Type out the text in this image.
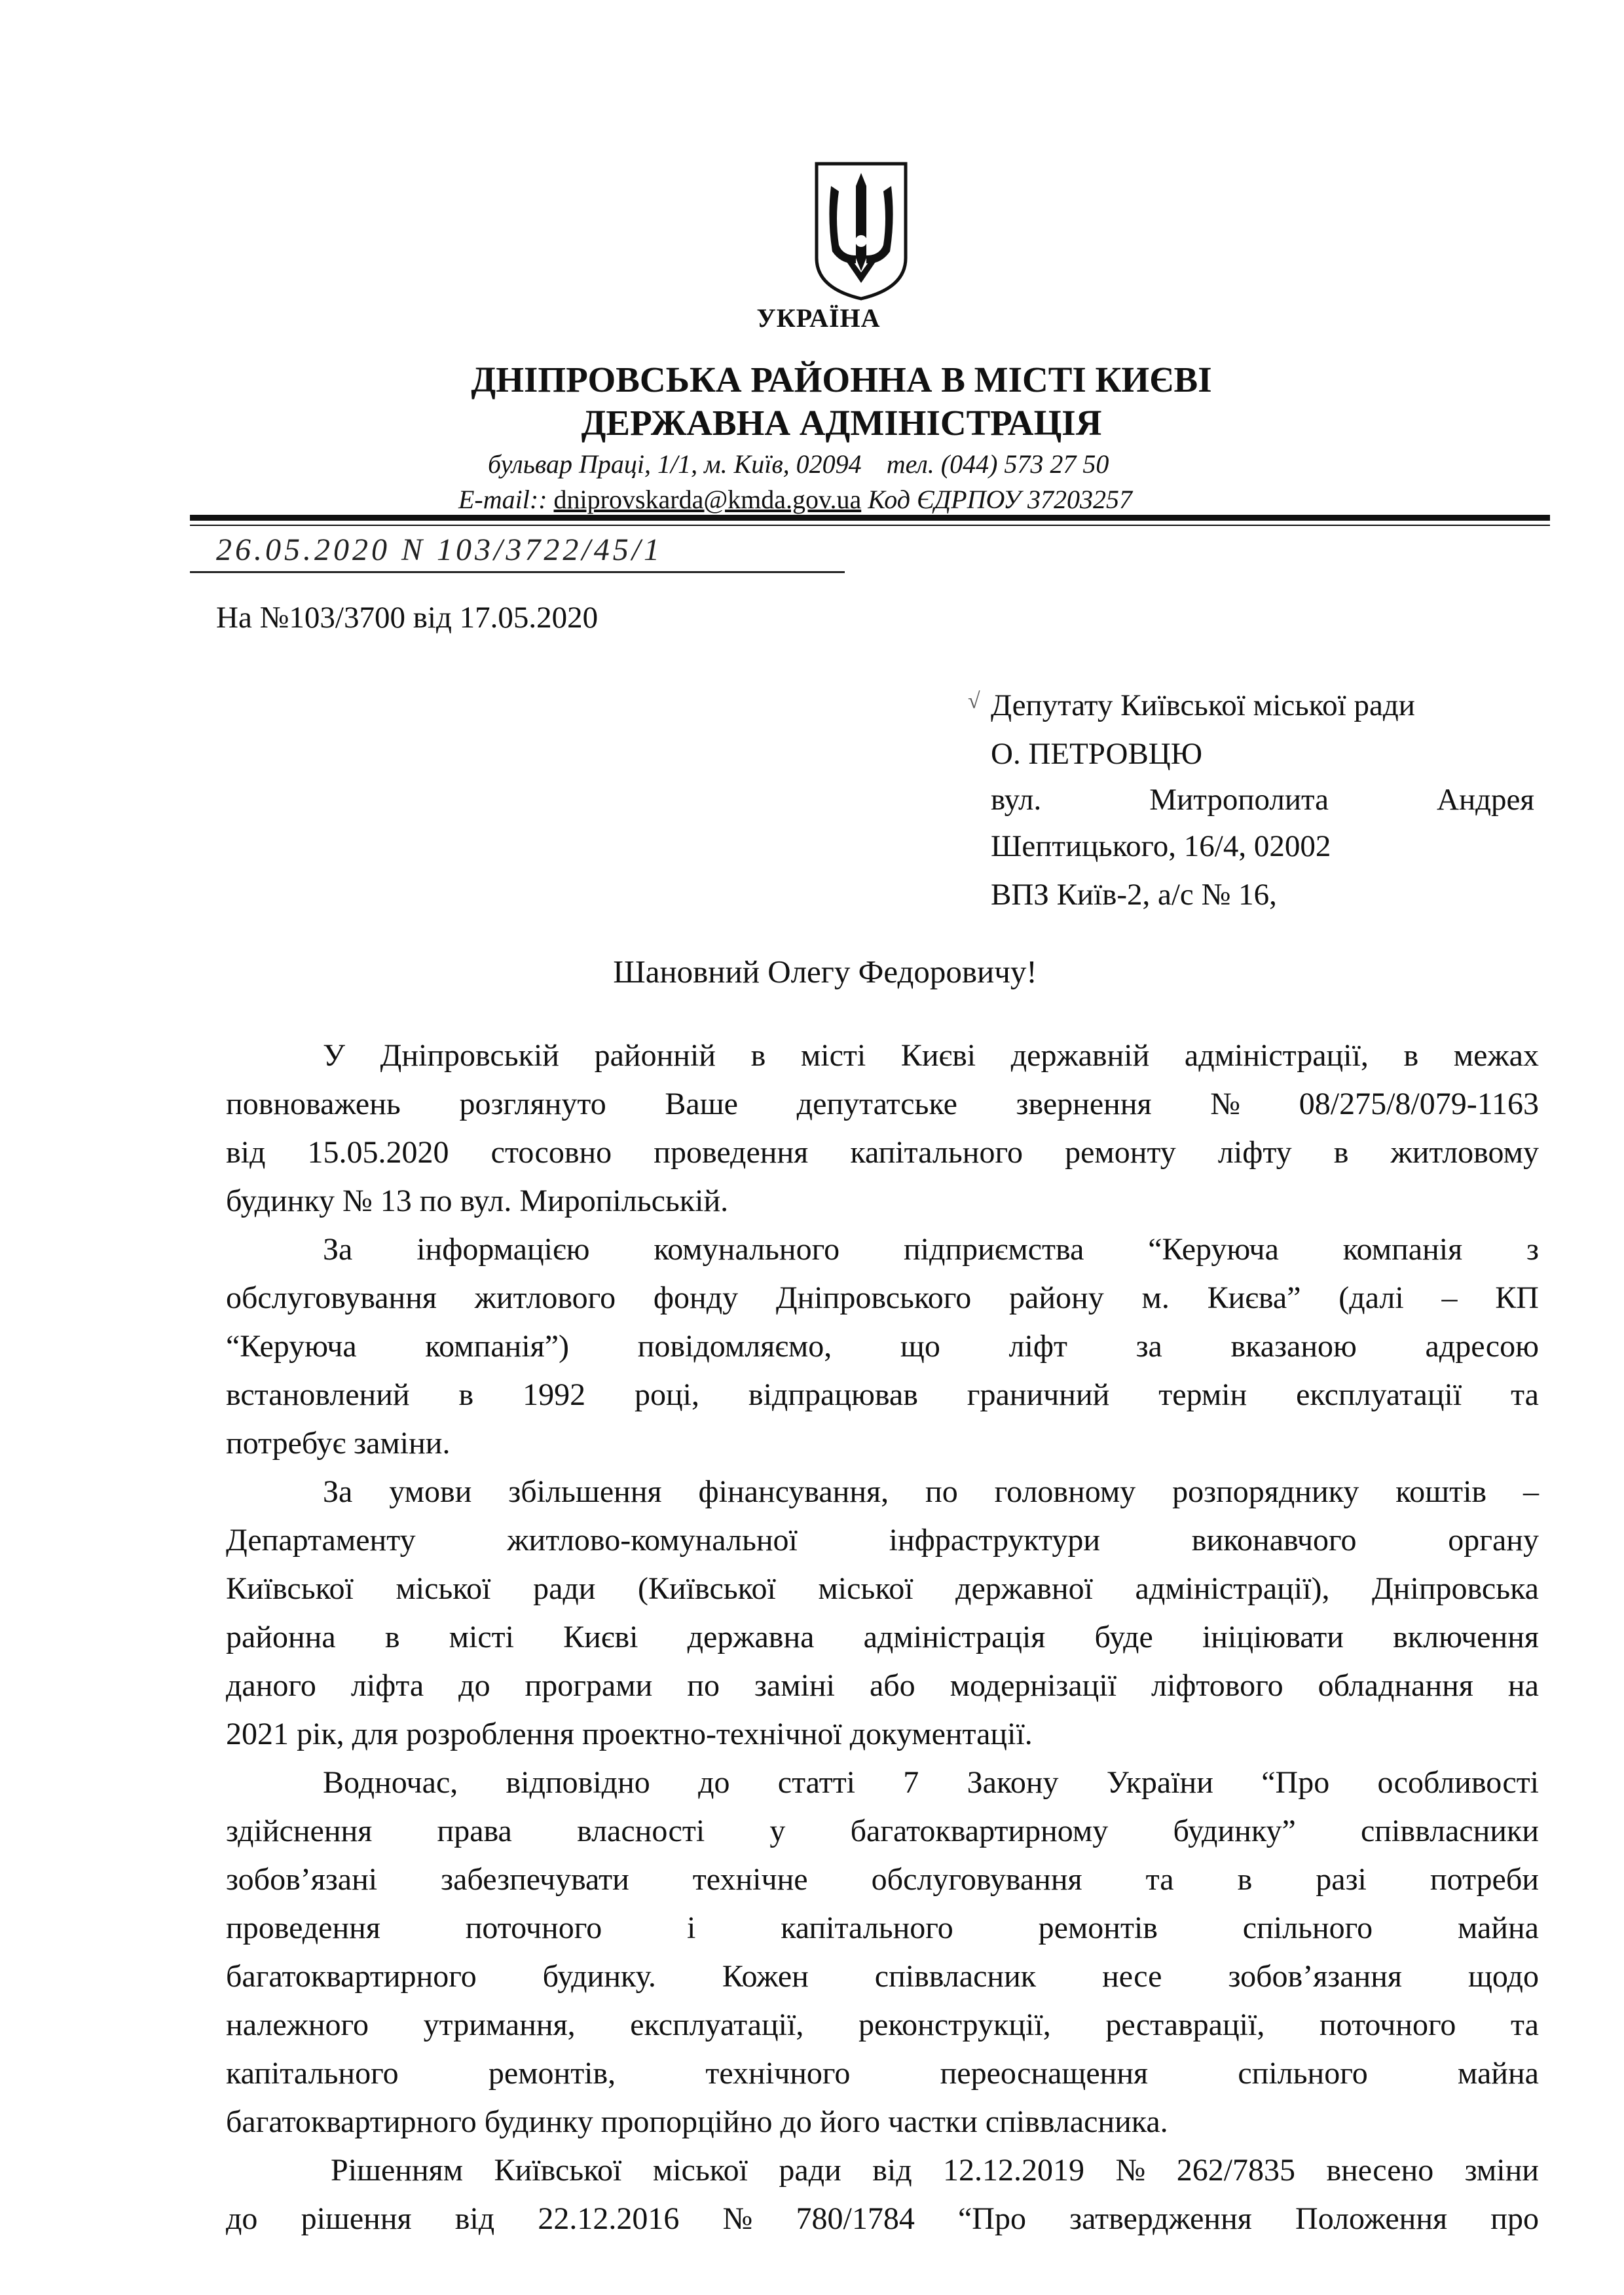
УКРАЇНА
ДНІПРОВСЬКА РАЙОННА В МІСТІ КИЄВІ
ДЕРЖАВНА АДМІНІСТРАЦІЯ
бульвар Праці, 1/1, м. Київ, 02094 тел. (044) 573 27 50
E-mail:: dniprovskarda@kmda.gov.ua Код ЄДРПОУ 37203257
26.05.2020 N 103/3722/45/1
На №103/3700 від 17.05.2020
√ Депутату Київської міської ради
О. ПЕТРОВЦЮ
вул.	Митрополита	Андрея
Шептицького, 16/4, 02002
ВПЗ Київ-2, а/с № 16,
Шановний Олегу Федоровичу!
У Дніпровській районній в місті Києві державній адміністрації, в межах
повноважень розглянуто Ваше депутатське звернення № 08/275/8/079-1163
від 15.05.2020 стосовно проведення капітального ремонту ліфту в житловому
будинку № 13 по вул. Миропільській.
За інформацією комунального підприємства “Керуюча компанія з
обслуговування житлового фонду Дніпровського району м. Києва” (далі – КП
“Керуюча компанія”) повідомляємо, що ліфт за вказаною адресою
встановлений в 1992 році, відпрацював граничний термін експлуатації та
потребує заміни.
За умови збільшення фінансування, по головному розпоряднику коштів –
Департаменту	житлово-комунальної	інфраструктури	виконавчого	органу
Київської міської ради (Київської міської державної адміністрації), Дніпровська
районна в місті Києві державна адміністрація буде ініціювати включення
даного ліфта до програми по заміні або модернізації ліфтового обладнання на
2021 рік, для розроблення проектно-технічної документації.
Водночас, відповідно до статті 7 Закону України “Про особливості
здійснення права власності у багатоквартирному будинку” співвласники
зобов’язані забезпечувати технічне обслуговування та в разі потреби
проведення	поточного	і	капітального	ремонтів	спільного	майна
багатоквартирного будинку. Кожен співвласник несе зобов’язання щодо
належного утримання, експлуатації, реконструкції, реставрації, поточного та
капітального	ремонтів,	технічного	переоснащення	спільного	майна
багатоквартирного будинку пропорційно до його частки співвласника.
Рішенням Київської міської ради від 12.12.2019 № 262/7835 внесено зміни
до рішення від 22.12.2016 № 780/1784 “Про затвердження Положення про
